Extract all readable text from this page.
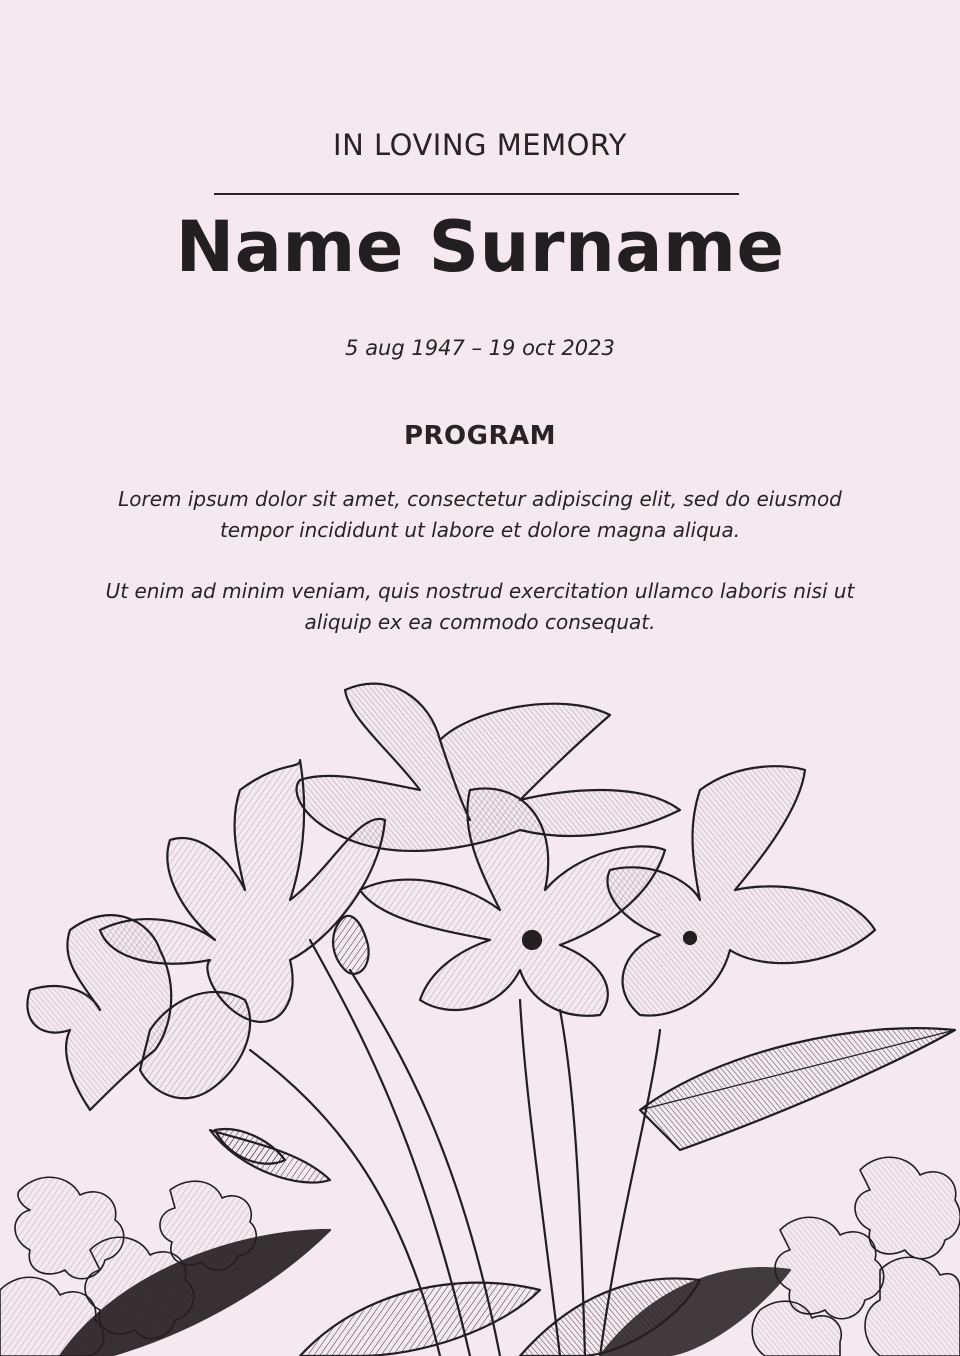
IN LOVING MEMORY
Name Surname
5 aug 1947 – 19 oct 2023
PROGRAM
Lorem ipsum dolor sit amet, consectetur adipiscing elit, sed do eiusmod tempor incididunt ut labore et dolore magna aliqua.
Ut enim ad minim veniam, quis nostrud exercitation ullamco laboris nisi ut aliquip ex ea commodo consequat.
